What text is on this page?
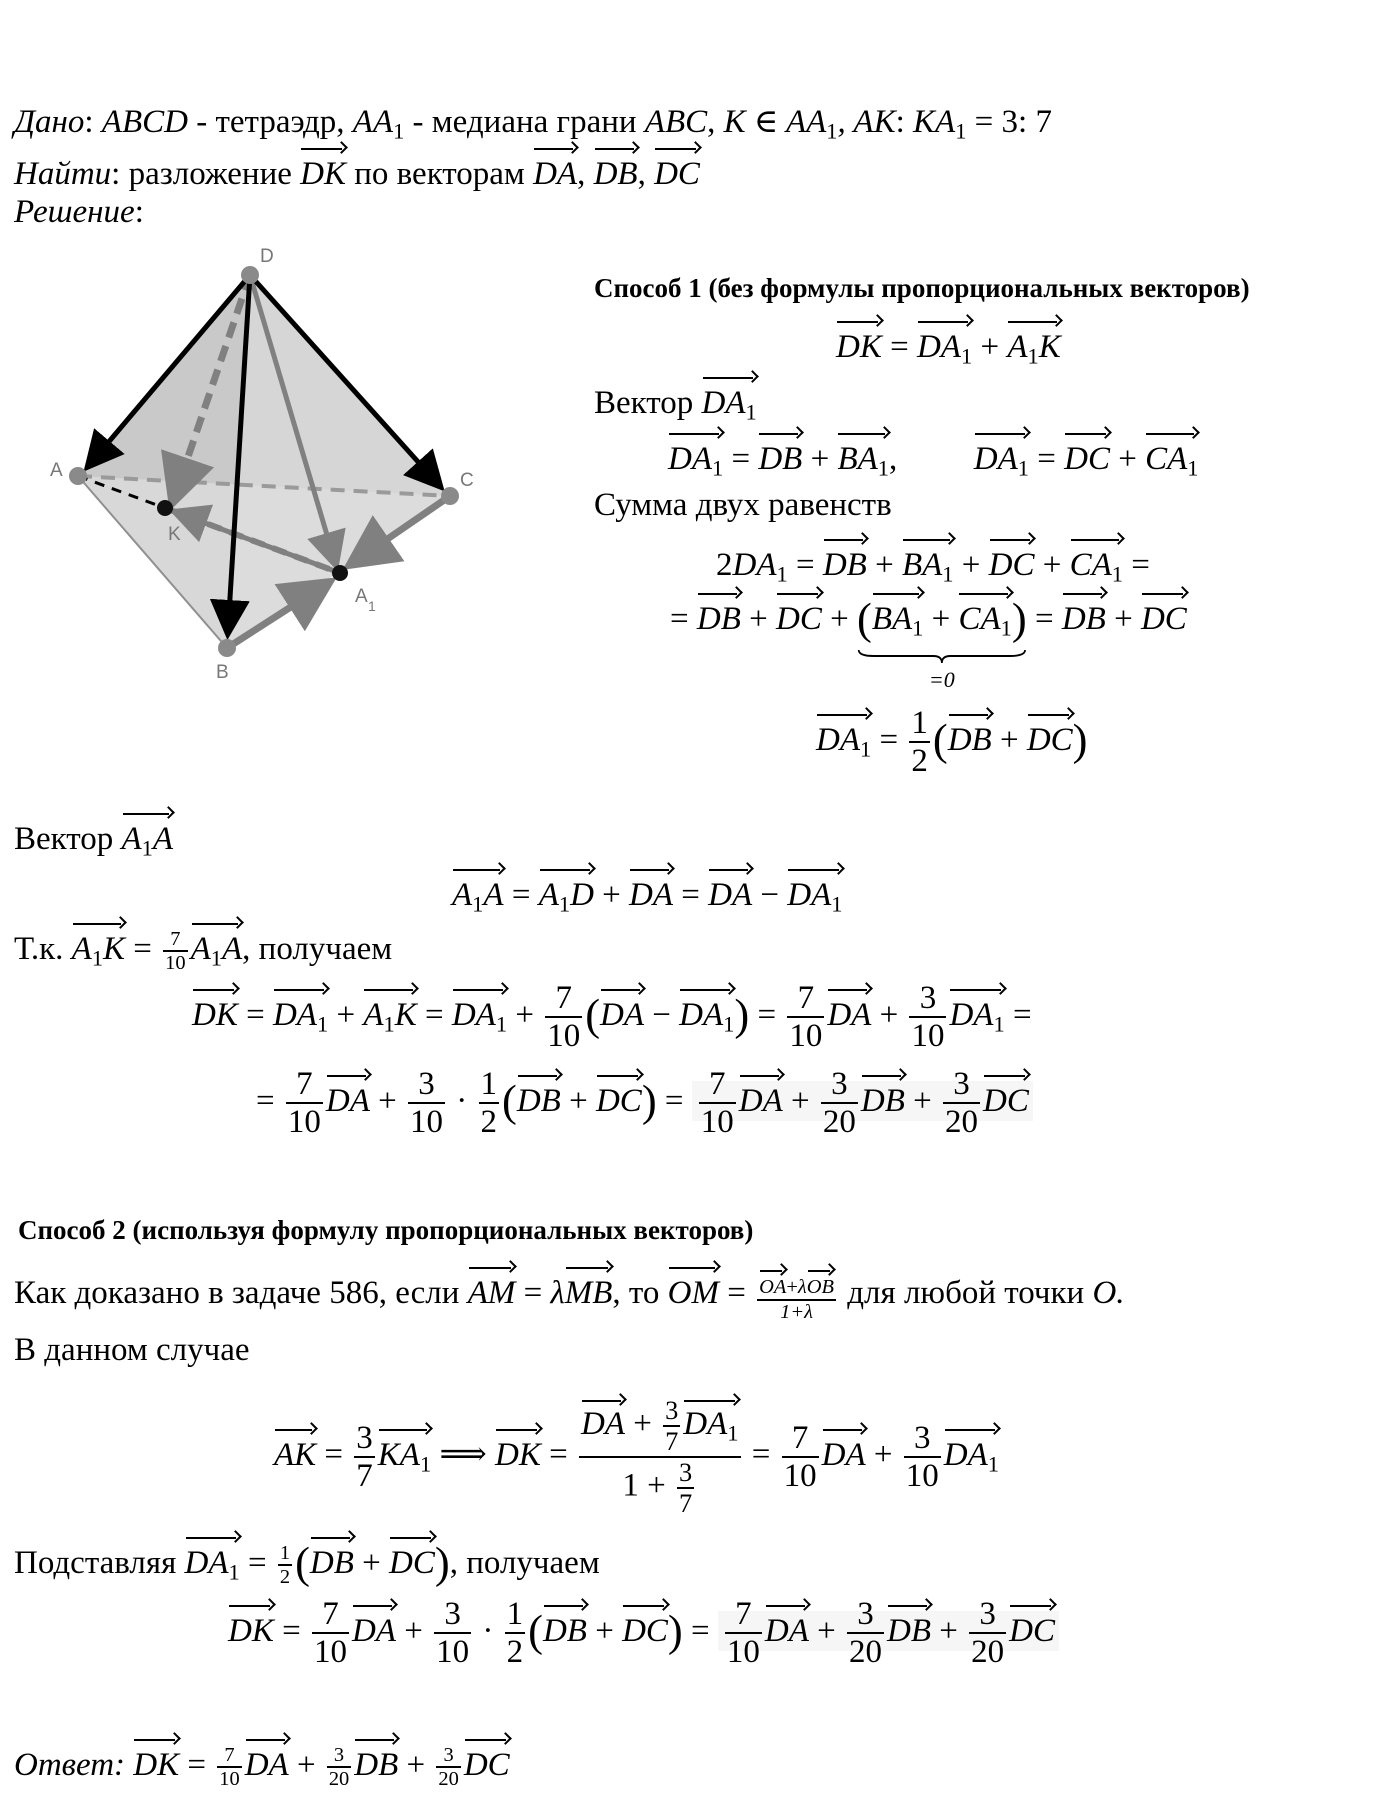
Дано: ABCD - тетраэдр, $AA_1$ - медиана грани ABC, K ∈ $AA_1$, AK: $KA_1 = 3$: 7
Найти: разложение DK по векторам DA, DB, DC
Решение:
D
A	C
K
A 1
B
Способ 1 (без формулы пропорциональных векторов)
DK = $DA_1 + A_1K$
Вектор $DA_1$
$DA_1$ = DB + $BA_1$,  $DA_1$ = DC + $CA_1$
Сумма двух равенств
$2DA_1$ = DB + $BA_1$ + DC + $CA_1$ =
= DB + DC + $(BA_1 + CA_1)$
=0
= DB + DC
$DA_1 = \frac{1}{2} (DB + DC)$
Вектор $A_1A$
$A_1A = A_1D$ + DA = DA − $DA_1$
Т.к. $A_1K = \frac{7}{10} A_1A$, получаем
DK = $DA_1 + A_1K = DA_1 + \frac{7}{10} (DA - DA_1) = \frac{7}{10}$ DA + $\frac{3}{10} DA_1$ =
= $\frac{7}{10}$ DA + $\frac{3}{10} \cdot \frac{1}{2} (DB + DC) = \frac{7}{10}$ DA + $\frac{3}{20}$ DB + $\frac{3}{20}$ DC
Способ 2 (используя формулу пропорциональных векторов)
Как доказано в задаче 586, если AM = λMB, то OM = OA+λOB
1+λ
для любой точки O.
В данном случае
AK = $\frac{3}{7} KA_1$ ⟹ DK = $\frac{DA + \frac{3}{7} DA_1}{1 + \frac{3}{7}} = \frac{7}{10}$ DA + $\frac{3}{10} DA_1$
Подставляя $DA_1 = \frac{1}{2} (DB + DC)$, получаем
DK = $\frac{7}{10}$ DA + $\frac{3}{10} \cdot \frac{1}{2} (DB + DC) = \frac{7}{10}$ DA + $\frac{3}{20}$ DB + $\frac{3}{20}$ DC
Ответ: DK = $\frac{7}{10}$ DA + $\frac{3}{20}$ DB + $\frac{3}{20}$ DC
